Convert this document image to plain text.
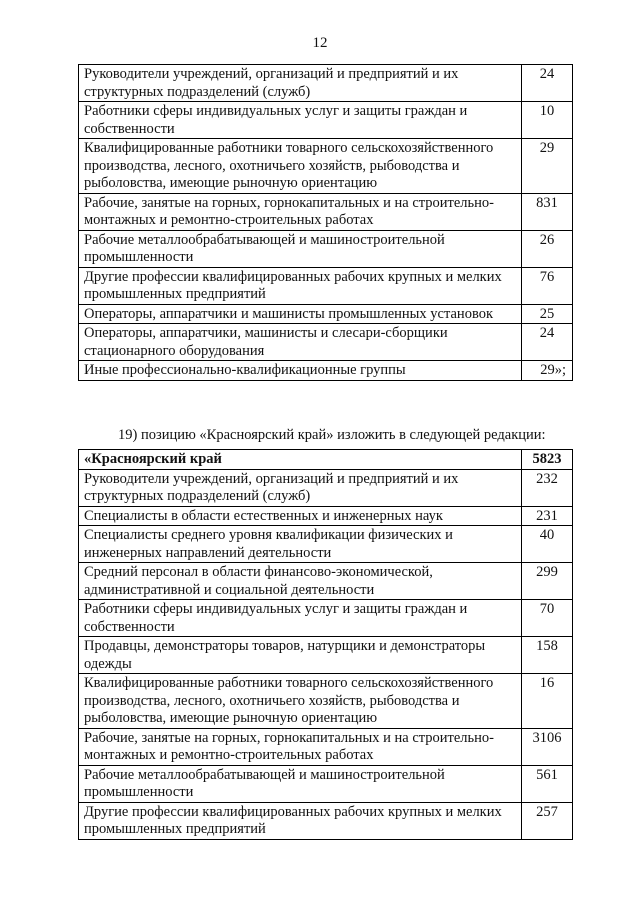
12
Руководители учреждений, организаций и предприятий и их структурных подразделений (служб)	24
Работники сферы индивидуальных услуг и защиты граждан и собственности	10
Квалифицированные работники товарного сельскохозяйственного производства, лесного, охотничьего хозяйств, рыбоводства и рыболовства, имеющие рыночную ориентацию	29
Рабочие, занятые на горных, горнокапитальных и на строительно-монтажных и ремонтно-строительных работах	831
Рабочие металлообрабатывающей и машиностроительной промышленности	26
Другие профессии квалифицированных рабочих крупных и мелких промышленных предприятий	76
Операторы, аппаратчики и машинисты промышленных установок	25
Операторы, аппаратчики, машинисты и слесари-сборщики стационарного оборудования	24
Иные профессионально-квалификационные группы	29»;
19) позицию «Красноярский край» изложить в следующей редакции:
«Красноярский край	5823
Руководители учреждений, организаций и предприятий и их структурных подразделений (служб)	232
Специалисты в области естественных и инженерных наук	231
Специалисты среднего уровня квалификации физических и инженерных направлений деятельности	40
Средний персонал в области финансово-экономической, административной и социальной деятельности	299
Работники сферы индивидуальных услуг и защиты граждан и собственности	70
Продавцы, демонстраторы товаров, натурщики и демонстраторы одежды	158
Квалифицированные работники товарного сельскохозяйственного производства, лесного, охотничьего хозяйств, рыбоводства и рыболовства, имеющие рыночную ориентацию	16
Рабочие, занятые на горных, горнокапитальных и на строительно-монтажных и ремонтно-строительных работах	3106
Рабочие металлообрабатывающей и машиностроительной промышленности	561
Другие профессии квалифицированных рабочих крупных и мелких промышленных предприятий	257
